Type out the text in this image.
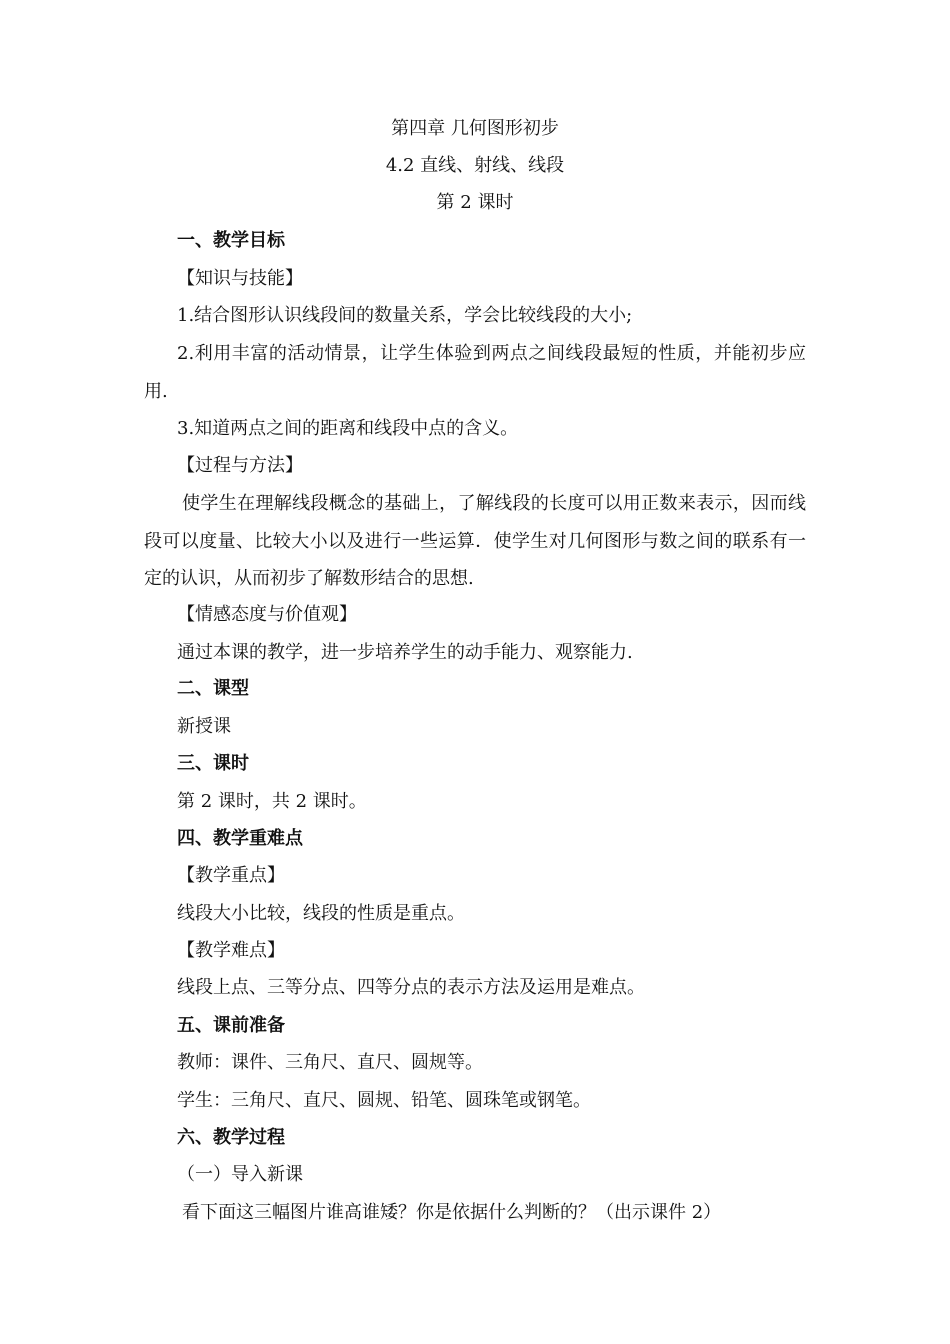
第四章 几何图形初步
4.2 直线、射线、线段
第 2 课时
一、教学目标
【知识与技能】
1.结合图形认识线段间的数量关系，学会比较线段的大小;
2.利用丰富的活动情景，让学生体验到两点之间线段最短的性质，并能初步应用.
3.知道两点之间的距离和线段中点的含义。
【过程与方法】
使学生在理解线段概念的基础上，了解线段的长度可以用正数来表示，因而线段可以度量、比较大小以及进行一些运算．使学生对几何图形与数之间的联系有一定的认识，从而初步了解数形结合的思想.
【情感态度与价值观】
通过本课的教学，进一步培养学生的动手能力、观察能力.
二、课型
新授课
三、课时
第 2 课时，共 2 课时。
四、教学重难点
【教学重点】
线段大小比较，线段的性质是重点。
【教学难点】
线段上点、三等分点、四等分点的表示方法及运用是难点。
五、课前准备
教师：课件、三角尺、直尺、圆规等。
学生：三角尺、直尺、圆规、铅笔、圆珠笔或钢笔。
六、教学过程
（一）导入新课
看下面这三幅图片谁高谁矮？你是依据什么判断的？（出示课件 2）
